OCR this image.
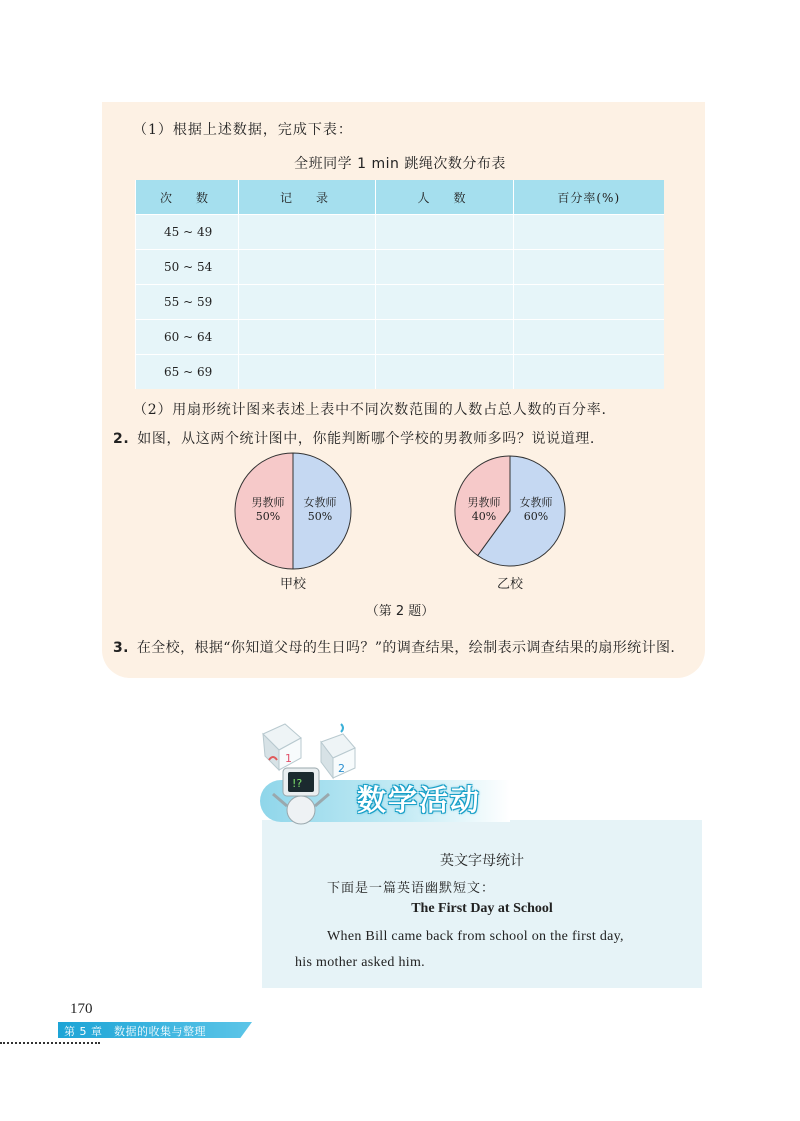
（1）根据上述数据，完成下表：
全班同学 1 min 跳绳次数分布表
次　数	记　录	人　数	百分率(%)
45 ~ 49			
50 ~ 54			
55 ~ 59			
60 ~ 64			
65 ~ 69			
（2）用扇形统计图来表述上表中不同次数范围的人数占总人数的百分率.
2. 如图，从这两个统计图中，你能判断哪个学校的男教师多吗？说说道理.
男教师
50%
女教师
50%
男教师
40%
女教师
60%
甲校	乙校
（第 2 题）
3. 在全校，根据“你知道父母的生日吗？”的调查结果，绘制表示调查结果的扇形统计图.
1
2
!? 数学活动
英文字母统计
下面是一篇英语幽默短文：
The First Day at School
When Bill came back from school on the first day,
his mother asked him.
170
第 5 章　数据的收集与整理
